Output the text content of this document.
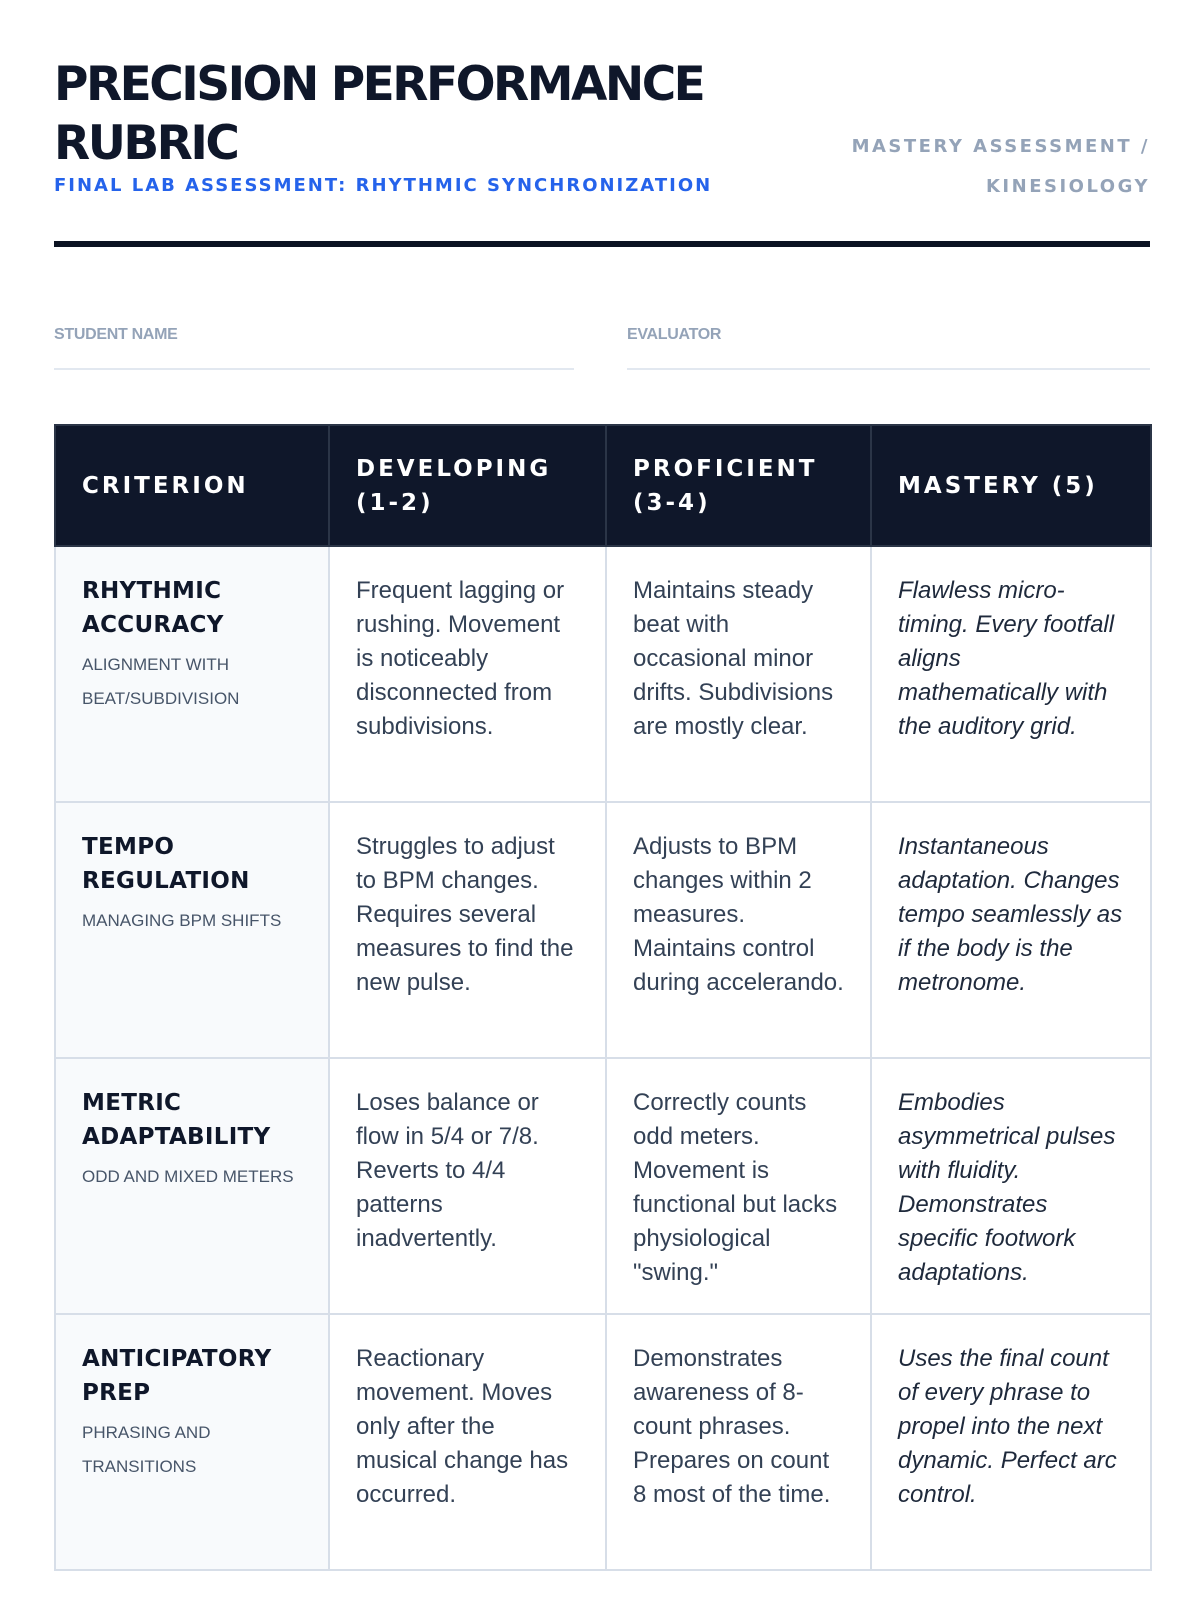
PRECISION PERFORMANCE
RUBRIC
FINAL LAB ASSESSMENT: RHYTHMIC SYNCHRONIZATION
MASTERY ASSESSMENT /
KINESIOLOGY
STUDENT NAME	EVALUATOR
CRITERION	DEVELOPING (1-2)	PROFICIENT (3-4)	MASTERY (5)

RHYTHMIC ACCURACY
ALIGNMENT WITH BEAT/SUBDIVISION	Frequent lagging or rushing. Movement is noticeably disconnected from subdivisions.	Maintains steady beat with occasional minor drifts. Subdivisions are mostly clear.	Flawless micro-timing. Every footfall aligns mathematically with the auditory grid.

TEMPO REGULATION
MANAGING BPM SHIFTS	Struggles to adjust to BPM changes. Requires several measures to find the new pulse.	Adjusts to BPM changes within 2 measures. Maintains control during accelerando.	Instantaneous adaptation. Changes tempo seamlessly as if the body is the metronome.

METRIC ADAPTABILITY
ODD AND MIXED METERS	Loses balance or flow in 5/4 or 7/8. Reverts to 4/4 patterns inadvertently.	Correctly counts odd meters. Movement is functional but lacks physiological "swing."	Embodies asymmetrical pulses with fluidity. Demonstrates specific footwork adaptations.

ANTICIPATORY PREP
PHRASING AND TRANSITIONS	Reactionary movement. Moves only after the musical change has occurred.	Demonstrates awareness of 8-count phrases. Prepares on count 8 most of the time.	Uses the final count of every phrase to propel into the next dynamic. Perfect arc control.
